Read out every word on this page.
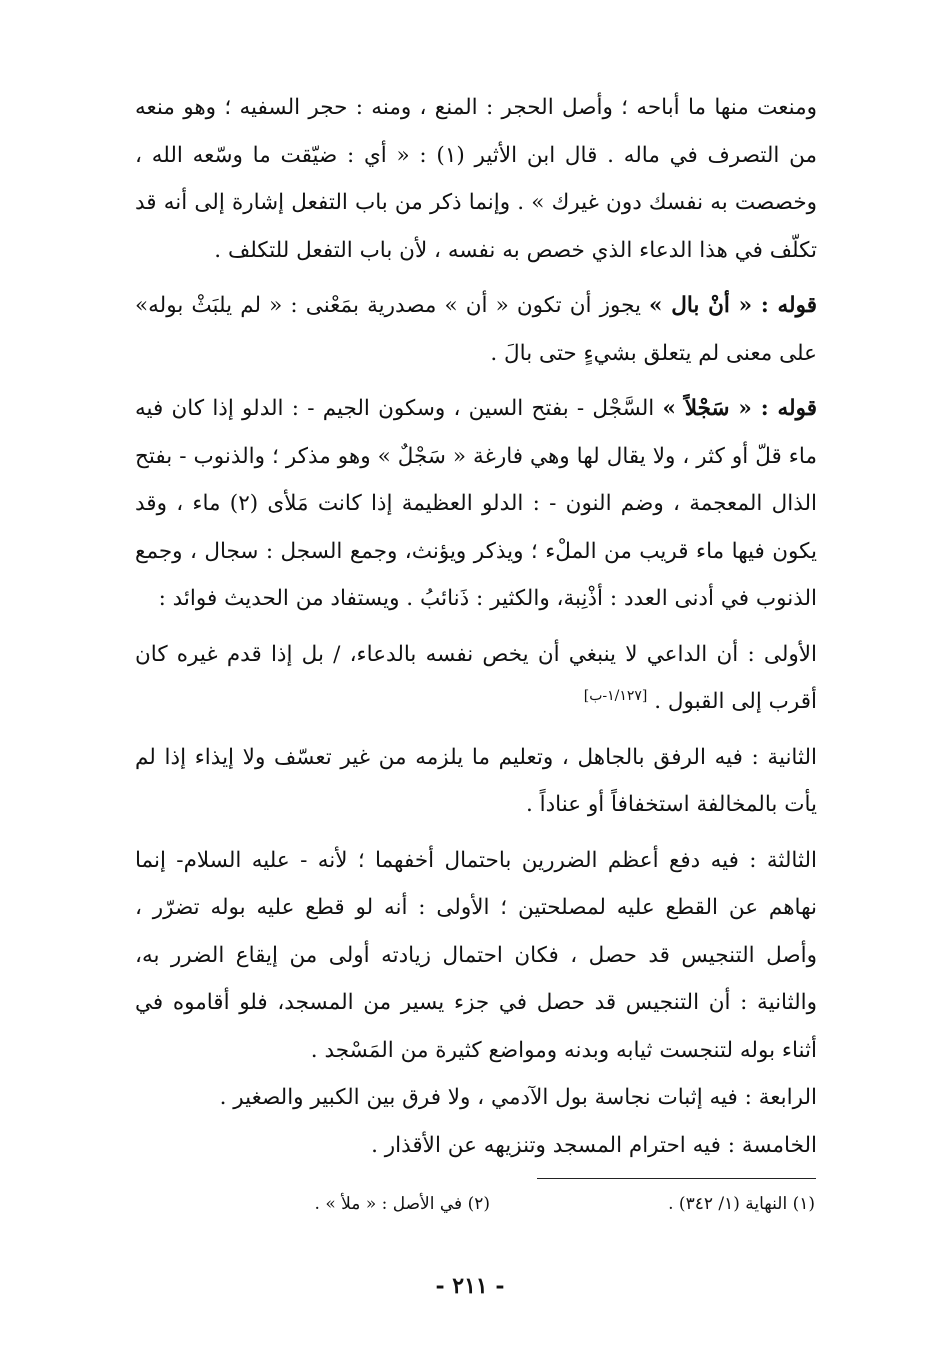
ومنعت منها ما أباحه ؛ وأصل الحجر : المنع ، ومنه : حجر السفيه ؛ وهو منعه من التصرف في ماله . قال ابن الأثير (١) : « أي : ضيّقت ما وسّعه الله ، وخصصت به نفسك دون غيرك » . وإنما ذكر من باب التفعل إشارة إلى أنه قد تكلّف في هذا الدعاء الذي خصص به نفسه ، لأن باب التفعل للتكلف .

قوله : « أنْ بال » يجوز أن تكون « أن » مصدرية بمَعْنى : « لم يلبَثْ بوله» على معنى لم يتعلق بشيءٍ حتى بالَ .

قوله : « سَجْلاً » السَّجْل - بفتح السين ، وسكون الجيم - : الدلو إذا كان فيه ماء قلّ أو كثر ، ولا يقال لها وهي فارغة « سَجْلٌ » وهو مذكر ؛ والذنوب - بفتح الذال المعجمة ، وضم النون - : الدلو العظيمة إذا كانت مَلأى (٢) ماء ، وقد يكون فيها ماء قريب من الملْء ؛ ويذكر ويؤنث، وجمع السجل : سجال ، وجمع الذنوب في أدنى العدد : أذْنِبة، والكثير : ذَنائبُ . ويستفاد من الحديث فوائد :

الأولى : أن الداعي لا ينبغي أن يخص نفسه بالدعاء، / بل إذا قدم غيره كان أقرب إلى القبول . [١/١٢٧-ب]

الثانية : فيه الرفق بالجاهل ، وتعليم ما يلزمه من غير تعسّف ولا إيذاء إذا لم يأت بالمخالفة استخفافاً أو عناداً .

الثالثة : فيه دفع أعظم الضررين باحتمال أخفهما ؛ لأنه - عليه السلام- إنما نهاهم عن القطع عليه لمصلحتين ؛ الأولى : أنه لو قطع عليه بوله تضرّر ، وأصل التنجيس قد حصل ، فكان احتمال زيادته أولى من إيقاع الضرر به، والثانية : أن التنجيس قد حصل في جزء يسير من المسجد، فلو أقاموه في أثناء بوله لتنجست ثيابه وبدنه ومواضع كثيرة من المَسْجد .

الرابعة : فيه إثبات نجاسة بول الآدمي ، ولا فرق بين الكبير والصغير .

الخامسة : فيه احترام المسجد وتنزيهه عن الأقذار .

(١) النهاية (١/ ٣٤٢) .
(٢) في الأصل : « ملأ » .
- ٢١١ -
